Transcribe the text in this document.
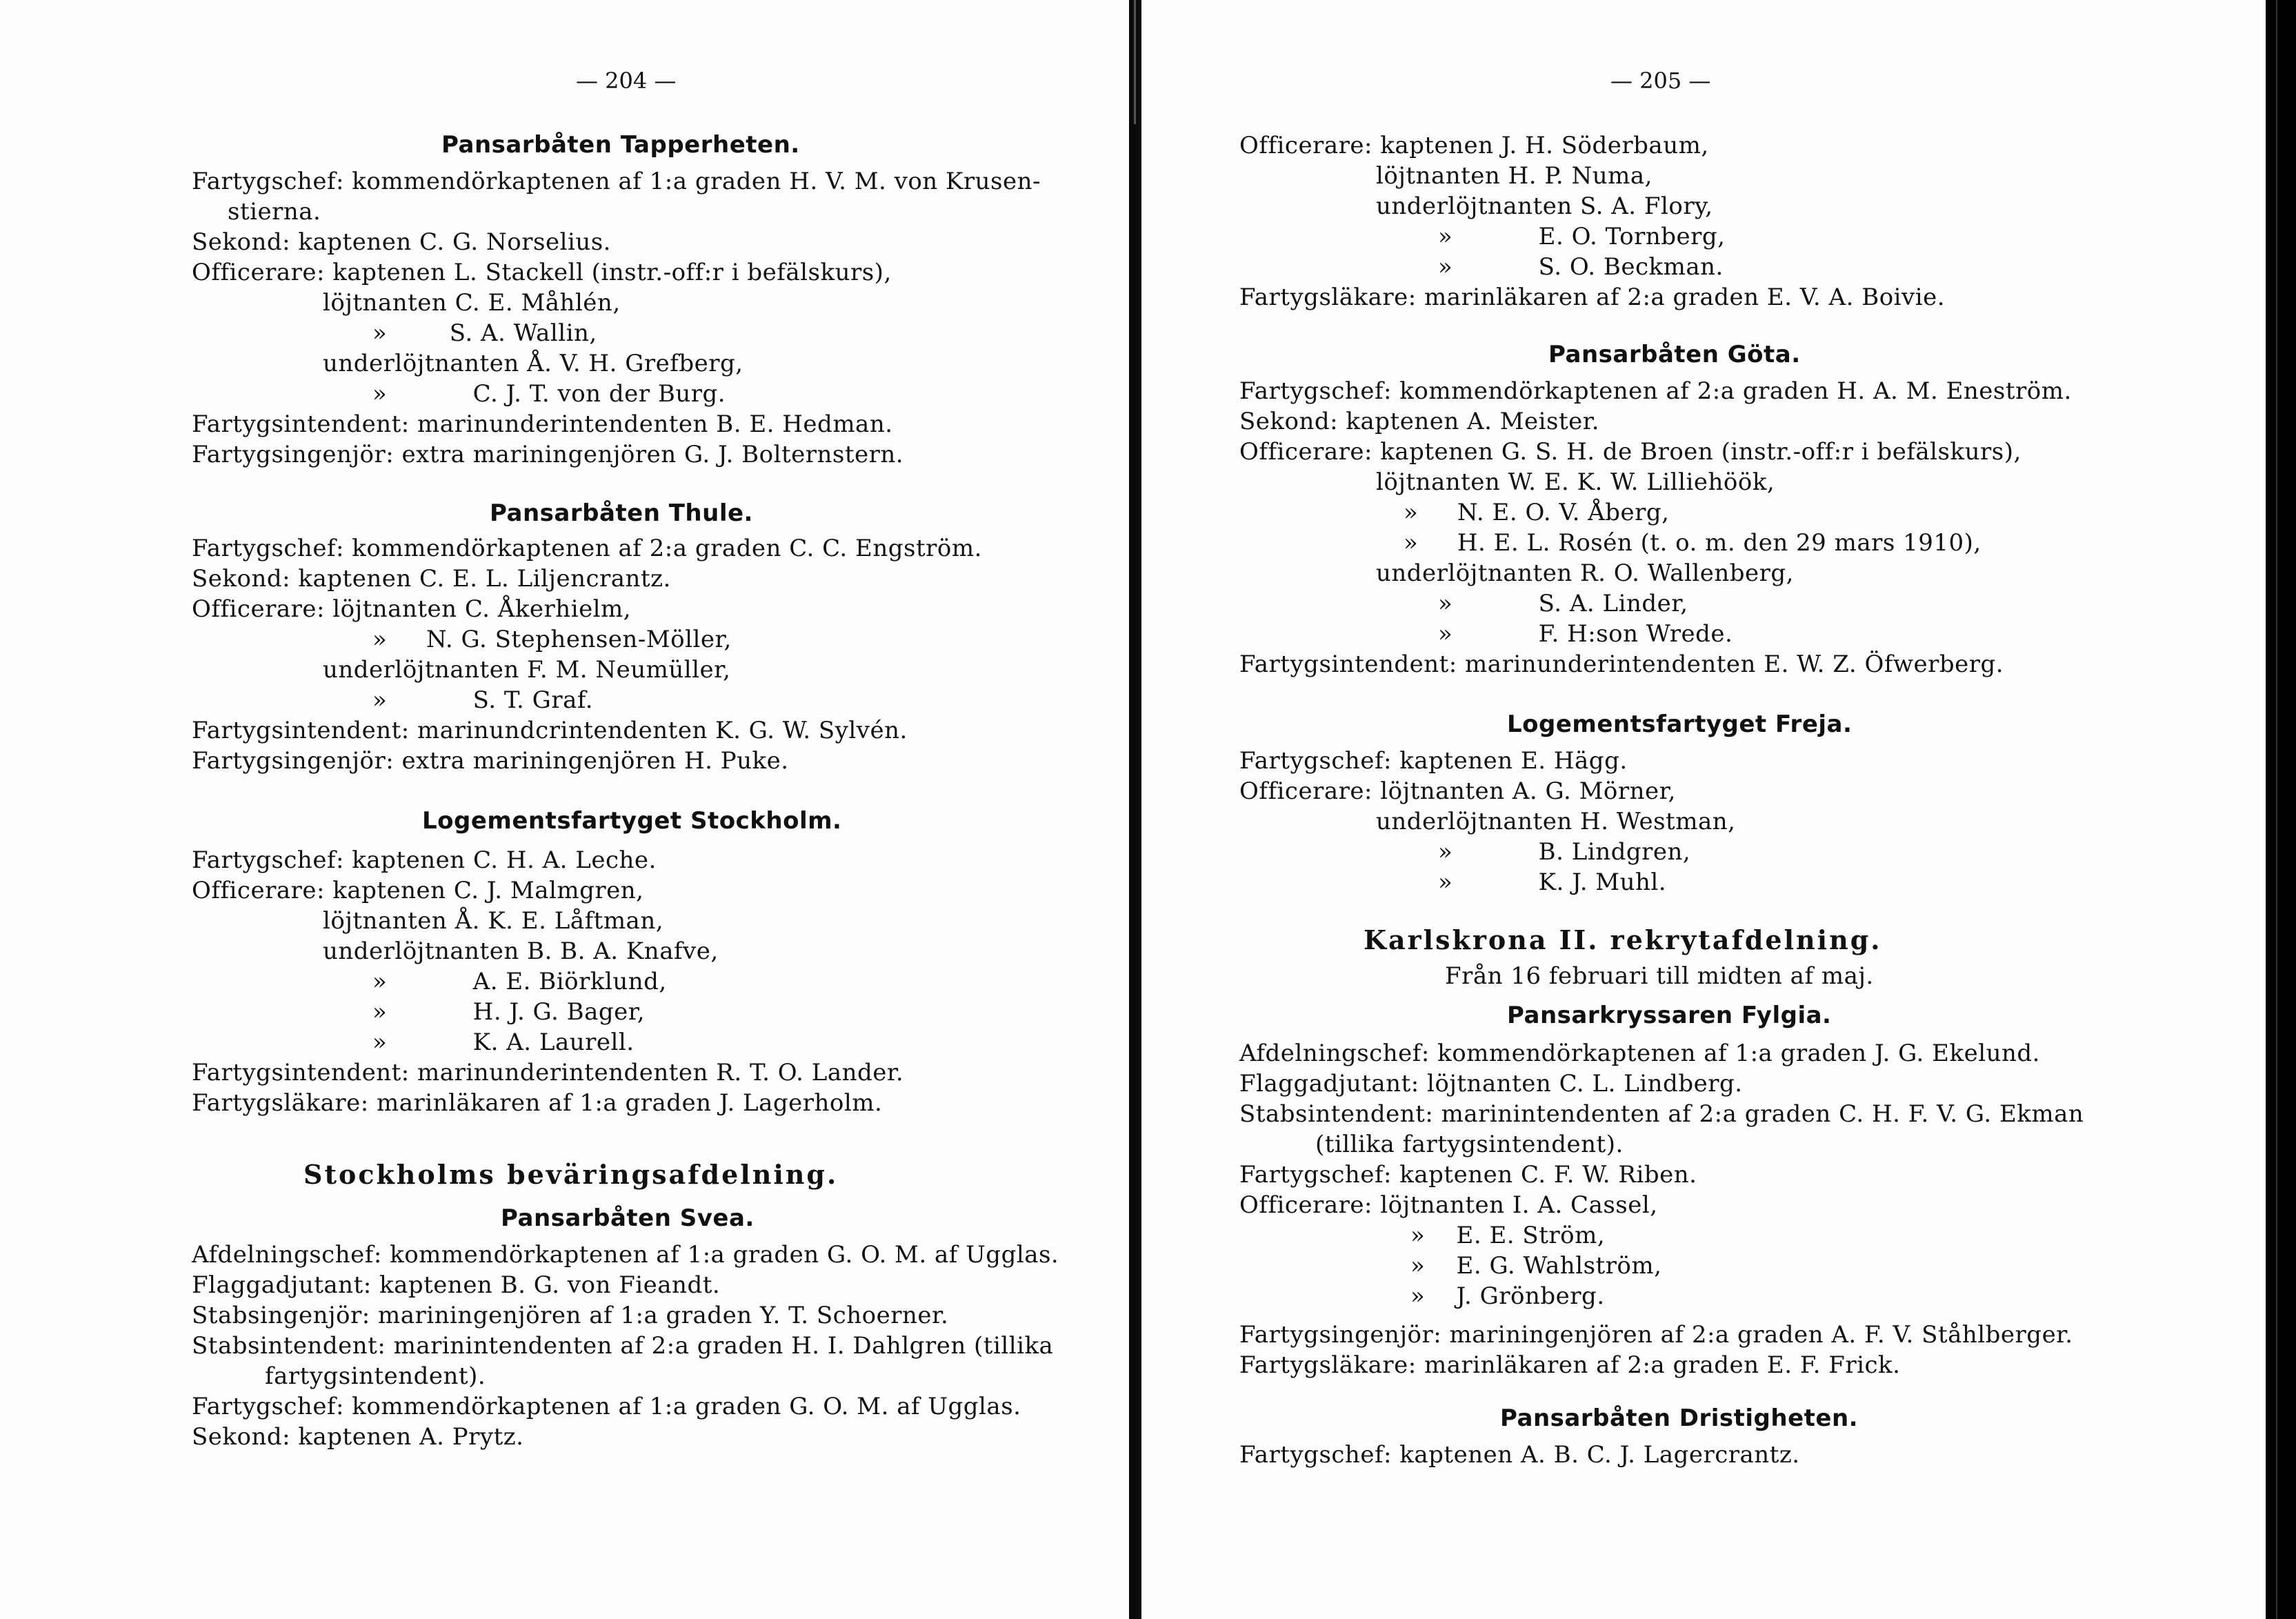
— 204 —
Pansarbåten Tapperheten.
Fartygschef: kommendörkaptenen af 1:a graden H. V. M. von Krusen-
stierna.
Sekond: kaptenen C. G. Norselius.
Officerare: kaptenen L. Stackell (instr.-off:r i befälskurs),
löjtnanten C. E. Måhlén,
»        S. A. Wallin,
underlöjtnanten Å. V. H. Grefberg,
»           C. J. T. von der Burg.
Fartygsintendent: marinunderintendenten B. E. Hedman.
Fartygsingenjör: extra mariningenjören G. J. Bolternstern.
Pansarbåten Thule.
Fartygschef: kommendörkaptenen af 2:a graden C. C. Engström.
Sekond: kaptenen C. E. L. Liljencrantz.
Officerare: löjtnanten C. Åkerhielm,
»     N. G. Stephensen-Möller,
underlöjtnanten F. M. Neumüller,
»           S. T. Graf.
Fartygsintendent: marinundcrintendenten K. G. W. Sylvén.
Fartygsingenjör: extra mariningenjören H. Puke.
Logementsfartyget Stockholm.
Fartygschef: kaptenen C. H. A. Leche.
Officerare: kaptenen C. J. Malmgren,
löjtnanten Å. K. E. Låftman,
underlöjtnanten B. B. A. Knafve,
»           A. E. Biörklund,
»           H. J. G. Bager,
»           K. A. Laurell.
Fartygsintendent: marinunderintendenten R. T. O. Lander.
Fartygsläkare: marinläkaren af 1:a graden J. Lagerholm.
Stockholms beväringsafdelning.
Pansarbåten Svea.
Afdelningschef: kommendörkaptenen af 1:a graden G. O. M. af Ugglas.
Flaggadjutant: kaptenen B. G. von Fieandt.
Stabsingenjör: mariningenjören af 1:a graden Y. T. Schoerner.
Stabsintendent: marinintendenten af 2:a graden H. I. Dahlgren (tillika
fartygsintendent).
Fartygschef: kommendörkaptenen af 1:a graden G. O. M. af Ugglas.
Sekond: kaptenen A. Prytz.
— 205 —
Officerare: kaptenen J. H. Söderbaum,
löjtnanten H. P. Numa,
underlöjtnanten S. A. Flory,
»           E. O. Tornberg,
»           S. O. Beckman.
Fartygsläkare: marinläkaren af 2:a graden E. V. A. Boivie.
Pansarbåten Göta.
Fartygschef: kommendörkaptenen af 2:a graden H. A. M. Eneström.
Sekond: kaptenen A. Meister.
Officerare: kaptenen G. S. H. de Broen (instr.-off:r i befälskurs),
löjtnanten W. E. K. W. Lilliehöök,
»     N. E. O. V. Åberg,
»     H. E. L. Rosén (t. o. m. den 29 mars 1910),
underlöjtnanten R. O. Wallenberg,
»           S. A. Linder,
»           F. H:son Wrede.
Fartygsintendent: marinunderintendenten E. W. Z. Öfwerberg.
Logementsfartyget Freja.
Fartygschef: kaptenen E. Hägg.
Officerare: löjtnanten A. G. Mörner,
underlöjtnanten H. Westman,
»           B. Lindgren,
»           K. J. Muhl.
Karlskrona II. rekrytafdelning.
Från 16 februari till midten af maj.
Pansarkryssaren Fylgia.
Afdelningschef: kommendörkaptenen af 1:a graden J. G. Ekelund.
Flaggadjutant: löjtnanten C. L. Lindberg.
Stabsintendent: marinintendenten af 2:a graden C. H. F. V. G. Ekman
(tillika fartygsintendent).
Fartygschef: kaptenen C. F. W. Riben.
Officerare: löjtnanten I. A. Cassel,
»    E. E. Ström,
»    E. G. Wahlström,
»    J. Grönberg.
Fartygsingenjör: mariningenjören af 2:a graden A. F. V. Ståhlberger.
Fartygsläkare: marinläkaren af 2:a graden E. F. Frick.
Pansarbåten Dristigheten.
Fartygschef: kaptenen A. B. C. J. Lagercrantz.
